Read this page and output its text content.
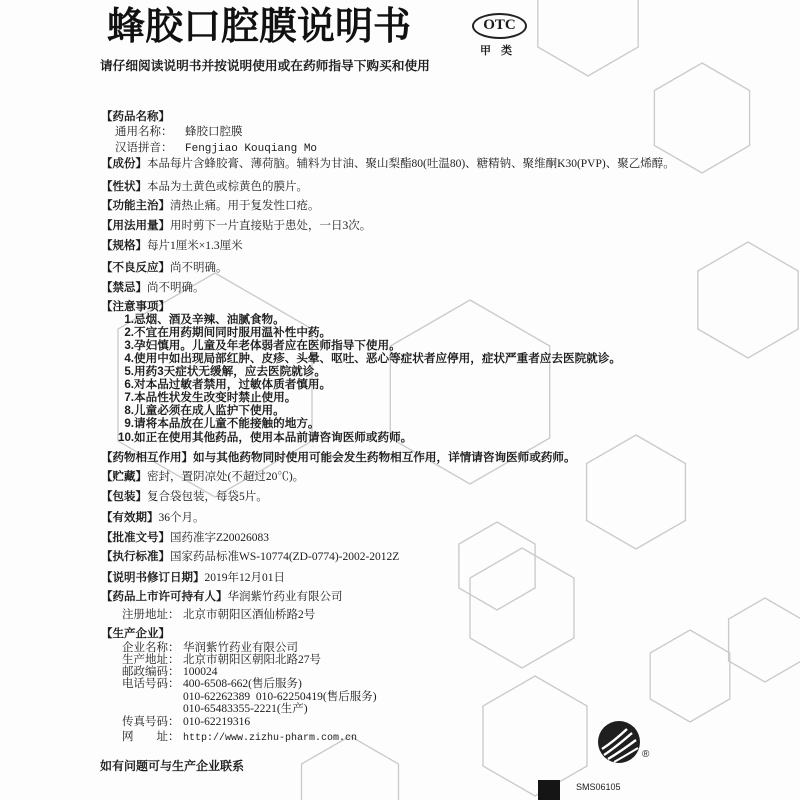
蜂胶口腔膜说明书	OTC
甲类
请仔细阅读说明书并按说明使用或在药师指导下购买和使用
【药品名称】
通用名称： 蜂胶口腔膜
汉语拼音： Fengjiao Kouqiang Mo
【成份】本品每片含蜂胶膏、薄荷脑。辅料为甘油、聚山梨酯80(吐温80)、糖精钠、聚维酮K30(PVP)、聚乙烯醇。
【性状】本品为土黄色或棕黄色的膜片。
【功能主治】清热止痛。用于复发性口疮。
【用法用量】用时剪下一片直接贴于患处，一日3次。
【规格】每片1厘米×1.3厘米
【不良反应】尚不明确。
【禁忌】尚不明确。
【注意事项】
1.忌烟、酒及辛辣、油腻食物。
2.不宜在用药期间同时服用温补性中药。
3.孕妇慎用。儿童及年老体弱者应在医师指导下使用。
4.使用中如出现局部红肿、皮疹、头晕、呕吐、恶心等症状者应停用，症状严重者应去医院就诊。
5.用药3天症状无缓解，应去医院就诊。
6.对本品过敏者禁用，过敏体质者慎用。
7.本品性状发生改变时禁止使用。
8.儿童必须在成人监护下使用。
9.请将本品放在儿童不能接触的地方。
10.如正在使用其他药品，使用本品前请咨询医师或药师。
【药物相互作用】如与其他药物同时使用可能会发生药物相互作用，详情请咨询医师或药师。
【贮藏】密封，置阴凉处(不超过20℃)。
【包装】复合袋包装，每袋5片。
【有效期】36个月。
【批准文号】国药准字Z20026083
【执行标准】国家药品标准WS-10774(ZD-0774)-2002-2012Z
【说明书修订日期】2019年12月01日
【药品上市许可持有人】华润紫竹药业有限公司
注册地址： 北京市朝阳区酒仙桥路2号
【生产企业】
企业名称： 华润紫竹药业有限公司
生产地址： 北京市朝阳区朝阳北路27号
邮政编码： 100024
电话号码： 400-6508-662(售后服务)
010-62262389  010-62250419(售后服务)
010-65483355-2221(生产)
传真号码： 010-62219316
网　　址： http://www.zizhu-pharm.com.cn
如有问题可与生产企业联系
®
SMS06105
